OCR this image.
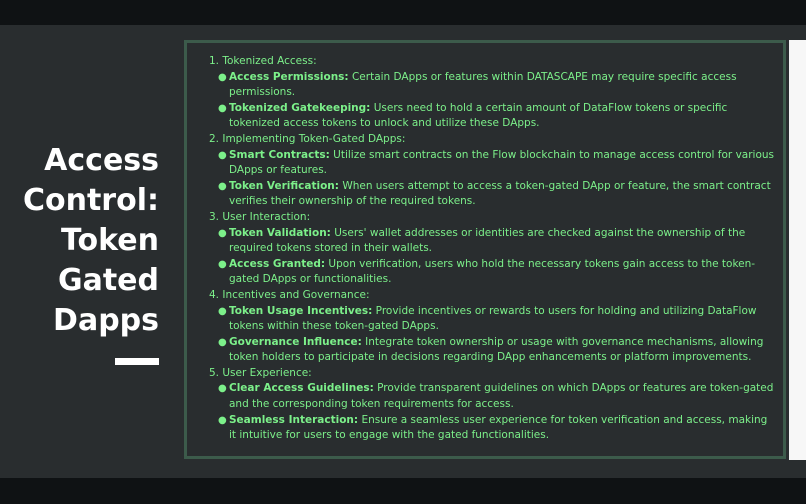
Access
Control:
Token
Gated
Dapps

1. Tokenized Access:

● Access Permissions: Certain DApps or features within DATASCAPE may require specific access permissions.
● Tokenized Gatekeeping: Users need to hold a certain amount of DataFlow tokens or specific tokenized access tokens to unlock and utilize these DApps.

2. Implementing Token-Gated DApps:

● Smart Contracts: Utilize smart contracts on the Flow blockchain to manage access control for various DApps or features.
● Token Verification: When users attempt to access a token-gated DApp or feature, the smart contract verifies their ownership of the required tokens.

3. User Interaction:

● Token Validation: Users' wallet addresses or identities are checked against the ownership of the required tokens stored in their wallets.
● Access Granted: Upon verification, users who hold the necessary tokens gain access to the token-gated DApps or functionalities.

4. Incentives and Governance:

● Token Usage Incentives: Provide incentives or rewards to users for holding and utilizing DataFlow tokens within these token-gated DApps.
● Governance Influence: Integrate token ownership or usage with governance mechanisms, allowing token holders to participate in decisions regarding DApp enhancements or platform improvements.

5. User Experience:

● Clear Access Guidelines: Provide transparent guidelines on which DApps or features are token-gated and the corresponding token requirements for access.
● Seamless Interaction: Ensure a seamless user experience for token verification and access, making it intuitive for users to engage with the gated functionalities.
